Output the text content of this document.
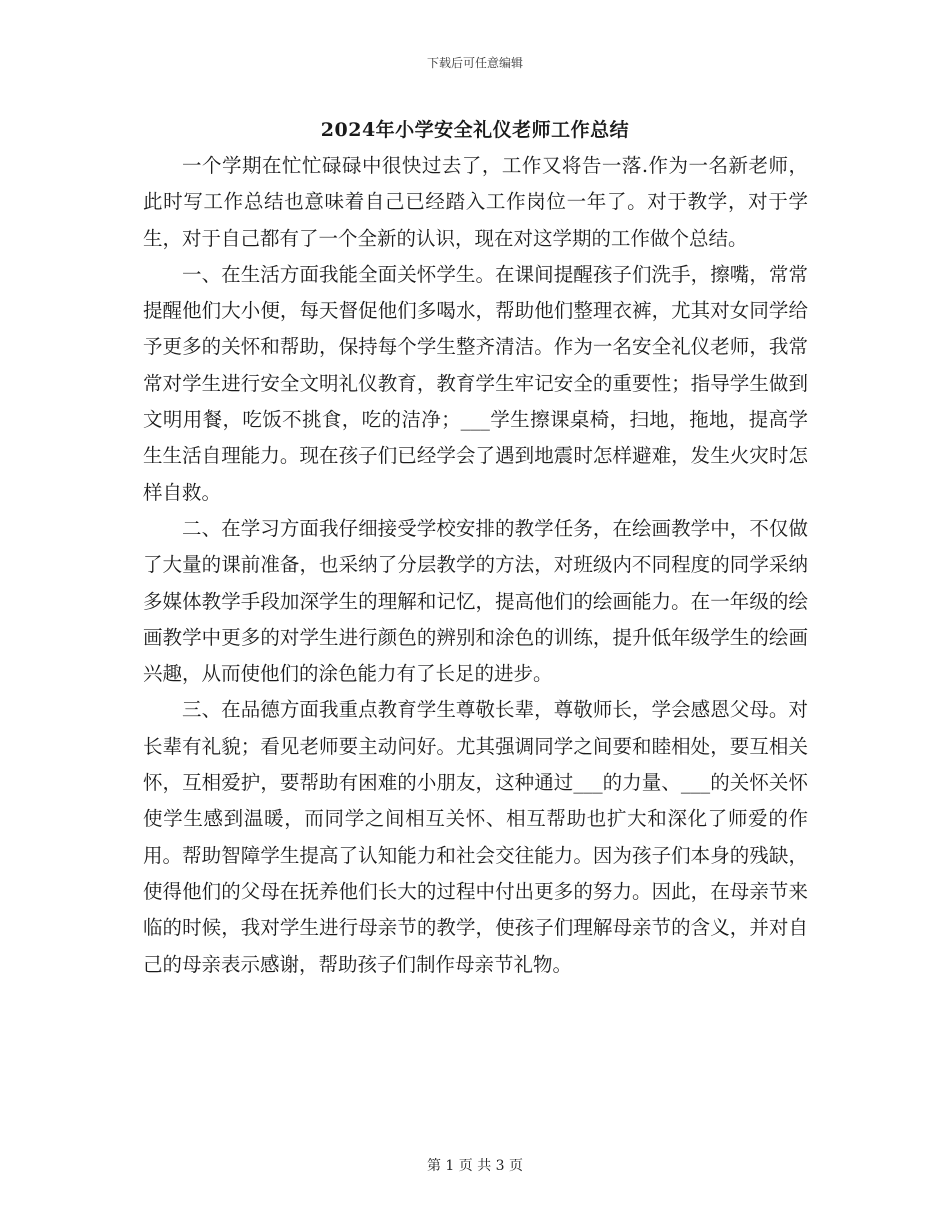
下载后可任意编辑
2024年小学安全礼仪老师工作总结

一个学期在忙忙碌碌中很快过去了，工作又将告一落.作为一名新老师，此时写工作总结也意味着自己已经踏入工作岗位一年了。对于教学，对于学生，对于自己都有了一个全新的认识，现在对这学期的工作做个总结。

一、在生活方面我能全面关怀学生。在课间提醒孩子们洗手，擦嘴，常常提醒他们大小便，每天督促他们多喝水，帮助他们整理衣裤，尤其对女同学给予更多的关怀和帮助，保持每个学生整齐清洁。作为一名安全礼仪老师，我常常对学生进行安全文明礼仪教育，教育学生牢记安全的重要性；指导学生做到文明用餐，吃饭不挑食，吃的洁净；___学生擦课桌椅，扫地，拖地，提高学生生活自理能力。现在孩子们已经学会了遇到地震时怎样避难，发生火灾时怎样自救。

二、在学习方面我仔细接受学校安排的教学任务，在绘画教学中，不仅做了大量的课前准备，也采纳了分层教学的方法，对班级内不同程度的同学采纳多媒体教学手段加深学生的理解和记忆，提高他们的绘画能力。在一年级的绘画教学中更多的对学生进行颜色的辨别和涂色的训练，提升低年级学生的绘画兴趣，从而使他们的涂色能力有了长足的进步。

三、在品德方面我重点教育学生尊敬长辈，尊敬师长，学会感恩父母。对长辈有礼貌；看见老师要主动问好。尤其强调同学之间要和睦相处，要互相关怀，互相爱护，要帮助有困难的小朋友，这种通过___的力量、___的关怀关怀使学生感到温暖，而同学之间相互关怀、相互帮助也扩大和深化了师爱的作用。帮助智障学生提高了认知能力和社会交往能力。因为孩子们本身的残缺，使得他们的父母在抚养他们长大的过程中付出更多的努力。因此，在母亲节来临的时候，我对学生进行母亲节的教学，使孩子们理解母亲节的含义，并对自己的母亲表示感谢，帮助孩子们制作母亲节礼物。

第 1 页 共 3 页
